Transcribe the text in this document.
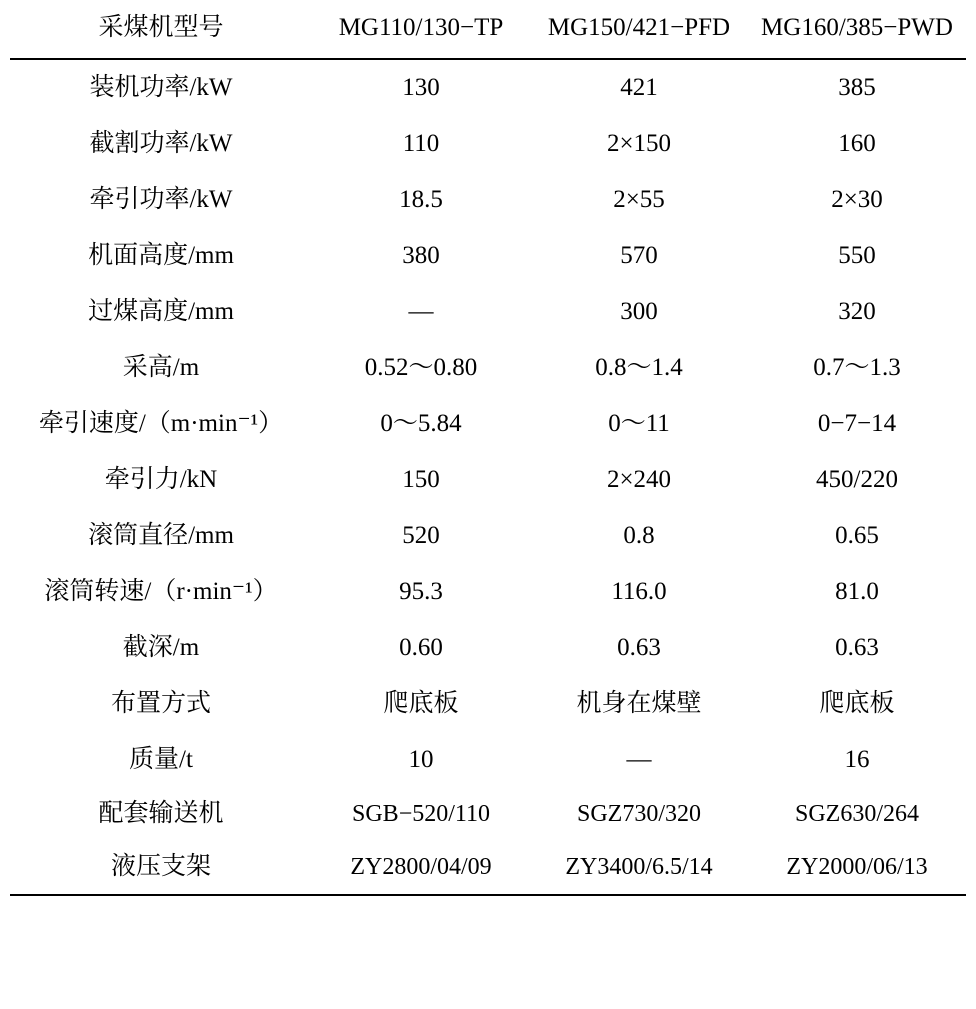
采煤机型号	MG110/130−TP	MG150/421−PFD	MG160/385−PWD
装机功率/kW	130	421	385
截割功率/kW	110	2×150	160
牵引功率/kW	18.5	2×55	2×30
机面高度/mm	380	570	550
过煤高度/mm	—	300	320
采高/m	0.52～0.80	0.8～1.4	0.7～1.3
牵引速度/（m·min⁻¹）	0～5.84	0～11	0−7−14
牵引力/kN	150	2×240	450/220
滚筒直径/mm	520	0.8	0.65
滚筒转速/（r·min⁻¹）	95.3	116.0	81.0
截深/m	0.60	0.63	0.63
布置方式	爬底板	机身在煤壁	爬底板
质量/t	10	—	16
配套输送机	SGB−520/110	SGZ730/320	SGZ630/264
液压支架	ZY2800/04/09	ZY3400/6.5/14	ZY2000/06/13
